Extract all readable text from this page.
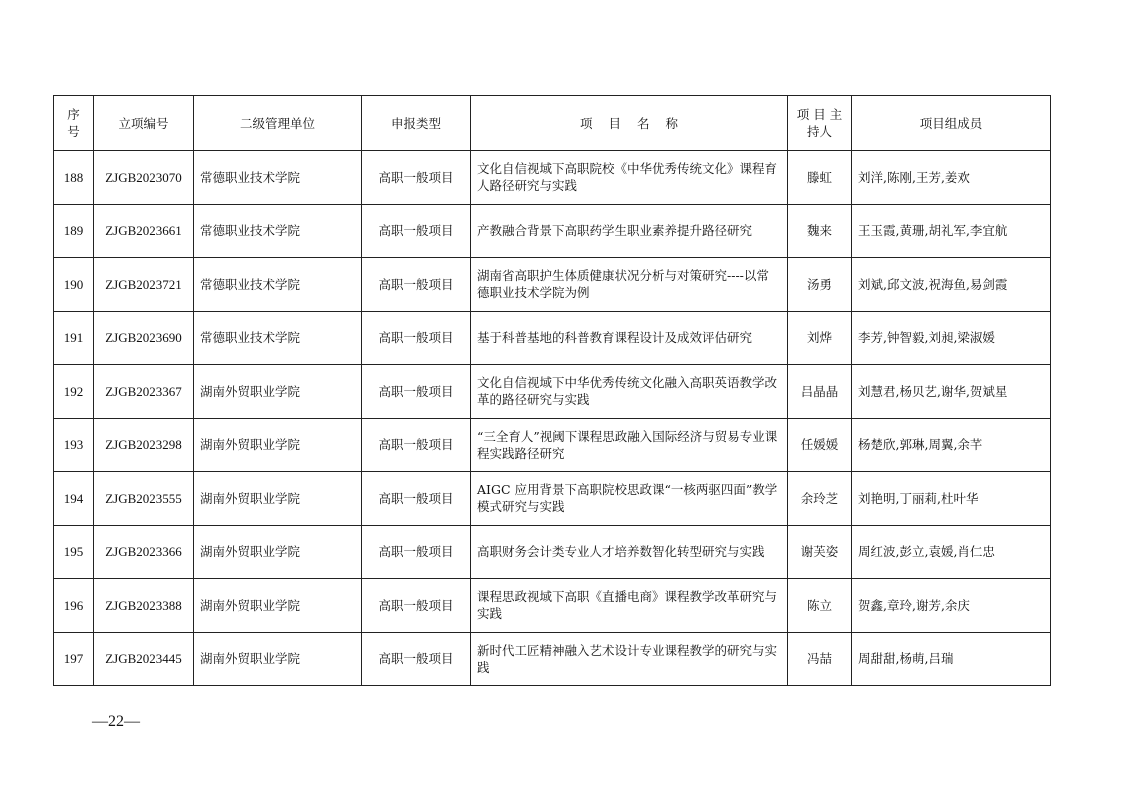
序号	立项编号	二级管理单位	申报类型	项 目 名 称	项 目 主持人	项目组成员
188	ZJGB2023070	常德职业技术学院	高职一般项目	文化自信视域下高职院校《中华优秀传统文化》课程育人路径研究与实践	滕虹	刘洋,陈刚,王芳,姜欢
189	ZJGB2023661	常德职业技术学院	高职一般项目	产教融合背景下高职药学生职业素养提升路径研究	魏来	王玉霞,黄珊,胡礼军,李宜航
190	ZJGB2023721	常德职业技术学院	高职一般项目	湖南省高职护生体质健康状况分析与对策研究----以常德职业技术学院为例	汤勇	刘斌,邱文波,祝海鱼,易剑霞
191	ZJGB2023690	常德职业技术学院	高职一般项目	基于科普基地的科普教育课程设计及成效评估研究	刘烨	李芳,钟智毅,刘昶,梁淑媛
192	ZJGB2023367	湖南外贸职业学院	高职一般项目	文化自信视域下中华优秀传统文化融入高职英语教学改革的路径研究与实践	吕晶晶	刘慧君,杨贝艺,谢华,贺斌星
193	ZJGB2023298	湖南外贸职业学院	高职一般项目	“三全育人”视阈下课程思政融入国际经济与贸易专业课程实践路径研究	任媛媛	杨楚欣,郭琳,周翼,余芊
194	ZJGB2023555	湖南外贸职业学院	高职一般项目	AIGC 应用背景下高职院校思政课“一核两驱四面”教学模式研究与实践	余玲芝	刘艳明,丁丽莉,杜叶华
195	ZJGB2023366	湖南外贸职业学院	高职一般项目	高职财务会计类专业人才培养数智化转型研究与实践	谢芙姿	周红波,彭立,袁媛,肖仁忠
196	ZJGB2023388	湖南外贸职业学院	高职一般项目	课程思政视域下高职《直播电商》课程教学改革研究与实践	陈立	贺鑫,章玲,谢芳,余庆
197	ZJGB2023445	湖南外贸职业学院	高职一般项目	新时代工匠精神融入艺术设计专业课程教学的研究与实践	冯喆	周甜甜,杨萌,吕瑞
—22—
